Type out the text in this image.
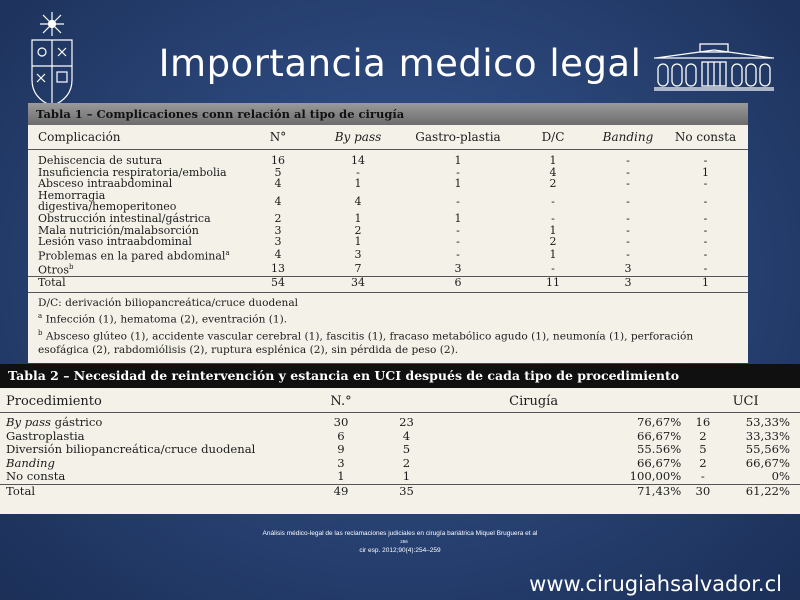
Importancia medico legal
Tabla 1 – Complicaciones conn relación al tipo de cirugía
Complicación	N°	By pass	Gastro-plastia	D/C	Banding	No consta
Dehiscencia de sutura	16	14	1	1	-	-
Insuficiencia respiratoria/embolia	5	-	-	4	-	1
Absceso intraabdominal	4	1	1	2	-	-
Hemorragia digestiva/hemoperitoneo	4	4	-	-	-	-
Obstrucción intestinal/gástrica	2	1	1	-	-	-
Mala nutrición/malabsorción	3	2	-	1	-	-
Lesión vaso intraabdominal	3	1	-	2	-	-
Problemas en la pared abdominal$^a$	4	3	-	1	-	-
Otros$^b$	13	7	3	-	3	-
Total	54	34	6	11	3	1
D/C: derivación biliopancreática/cruce duodenal
$^a$ Infección (1), hematoma (2), eventración (1).
$^b$ Absceso glúteo (1), accidente vascular cerebral (1), fascitis (1), fracaso metabólico agudo (1), neumonía (1), perforación esofágica (2), rabdomiólisis (2), ruptura esplénica (2), sin pérdida de peso (2).
Tabla 2 – Necesidad de reintervención y estancia en UCI después de cada tipo de procedimiento
Procedimiento	N.°	Cirugía		UCI	
By pass gástrico	30	23	76,67%	16	53,33%
Gastroplastia	6	4	66,67%	2	33,33%
Diversión biliopancreática/cruce duodenal	9	5	55.56%	5	55,56%
Banding	3	2	66,67%	2	66,67%
No consta	1	1	100,00%	-	0%
Total	49	35	71,43%	30	61,22%
Análisis médico-legal de las reclamaciones judiciales en cirugía bariátrica Miquel Bruguera et al
256
cir esp. 2012;90(4):254–259
www.cirugiahsalvador.cl
